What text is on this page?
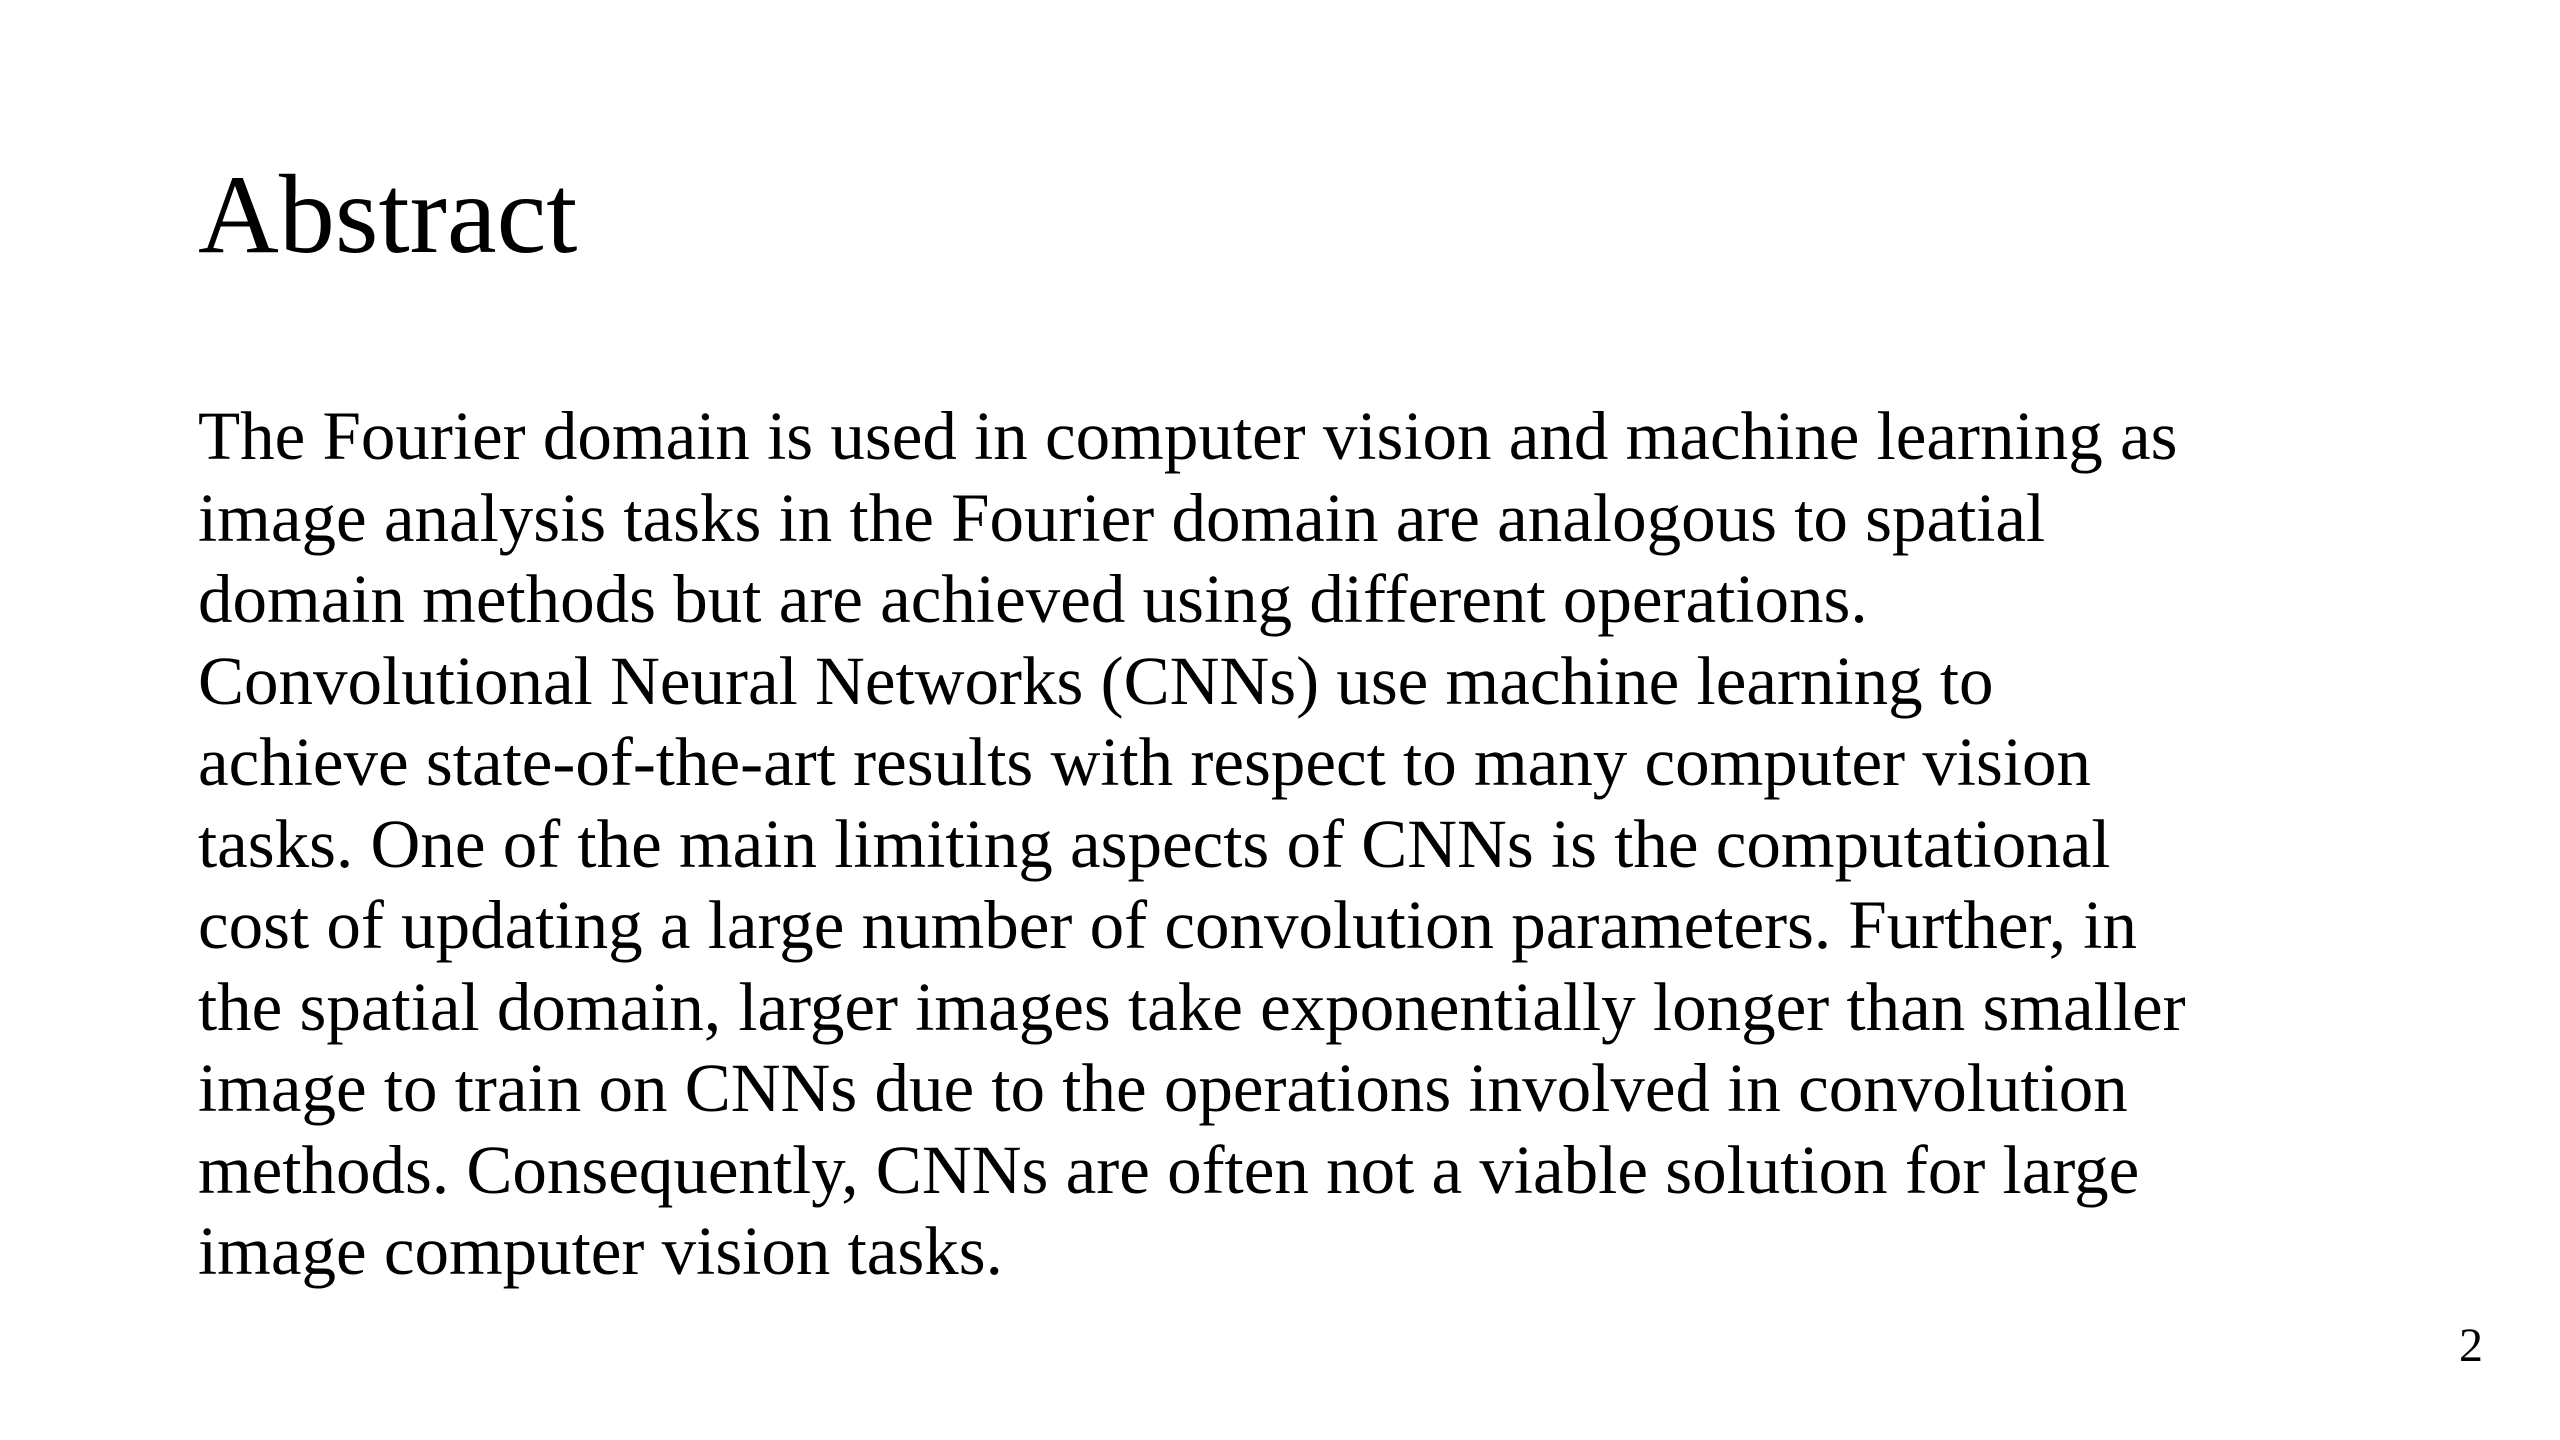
Abstract

The Fourier domain is used in computer vision and machine learning as
image analysis tasks in the Fourier domain are analogous to spatial
domain methods but are achieved using different operations.
Convolutional Neural Networks (CNNs) use machine learning to
achieve state-of-the-art results with respect to many computer vision
tasks. One of the main limiting aspects of CNNs is the computational
cost of updating a large number of convolution parameters. Further, in
the spatial domain, larger images take exponentially longer than smaller
image to train on CNNs due to the operations involved in convolution
methods. Consequently, CNNs are often not a viable solution for large
image computer vision tasks.

2
